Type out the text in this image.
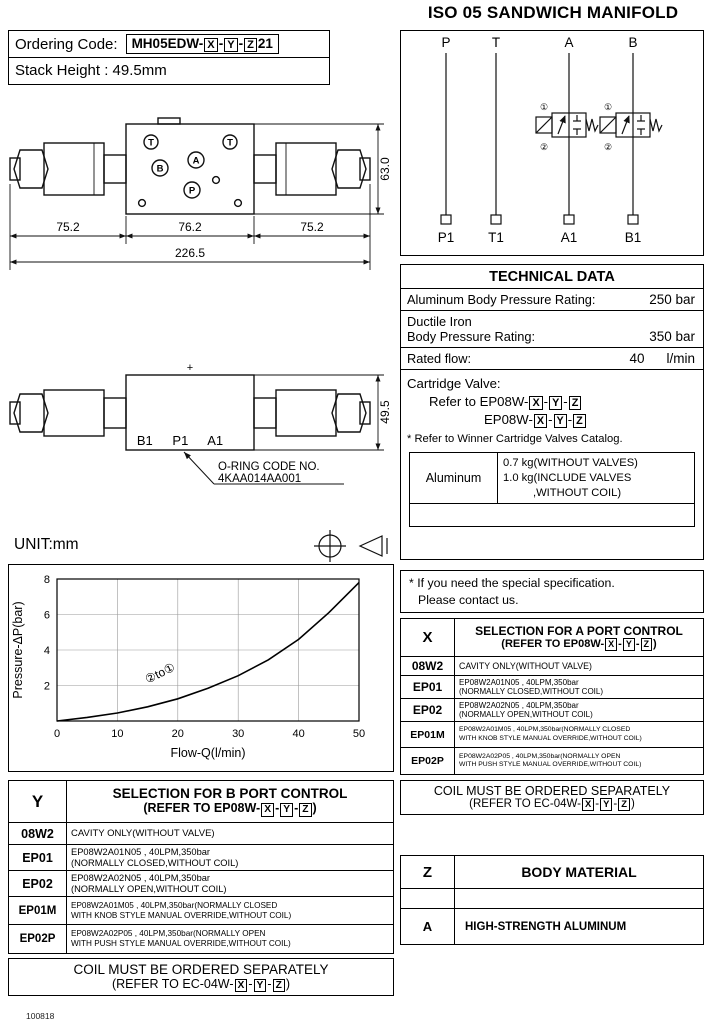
ISO 05 SANDWICH MANIFOLD
Ordering Code:	MH05EDW- X - Y - Z 21
Stack Height : 49.5mm
P	T	A	B
①
②
①
②
P1	T1	A1	B1
T	T
B
A
P
75.2	76.2	75.2
226.5
63.0
+
B1 P1 A1
49.5
O-RING CODE NO.
4KAA014AA001
UNIT:mm
0	10	20	30	40	50
2
4
6
8
②to①
Flow-Q(l/min)
Pressure-ΔP(bar)
TECHNICAL DATA
Aluminum Body Pressure Rating:	250 bar
Ductile Iron
Body Pressure Rating:	350 bar
Rated flow:	40 l/min
Cartridge Valve:
Refer to EP08W- X - Y - Z
EP08W- X - Y - Z
* Refer to Winner Cartridge Valves Catalog.
Aluminum
0.7 kg(WITHOUT VALVES)
1.0 kg(INCLUDE VALVES
,WITHOUT COIL)
* If you need the special specification.
Please contact us.
X	SELECTION FOR A PORT CONTROL
(REFER TO EP08W- X - Y - Z )
08W2	CAVITY ONLY(WITHOUT VALVE)
EP01	EP08W2A01N05 , 40LPM,350bar
(NORMALLY CLOSED,WITHOUT COIL)
EP02	EP08W2A02N05 , 40LPM,350bar
(NORMALLY OPEN,WITHOUT COIL)
EP01M	EP08W2A01M05 , 40LPM,350bar(NORMALLY CLOSED
WITH KNOB STYLE MANUAL OVERRIDE,WITHOUT COIL)
EP02P	EP08W2A02P05 , 40LPM,350bar(NORMALLY OPEN
WITH PUSH STYLE MANUAL OVERRIDE,WITHOUT COIL)
COIL MUST BE ORDERED SEPARATELY
(REFER TO EC-04W- X - Y - Z )
Y	SELECTION FOR B PORT CONTROL
(REFER TO EP08W- X - Y - Z )
08W2	CAVITY ONLY(WITHOUT VALVE)
EP01	EP08W2A01N05 , 40LPM,350bar
(NORMALLY CLOSED,WITHOUT COIL)
EP02	EP08W2A02N05 , 40LPM,350bar
(NORMALLY OPEN,WITHOUT COIL)
EP01M	EP08W2A01M05 , 40LPM,350bar(NORMALLY CLOSED
WITH KNOB STYLE MANUAL OVERRIDE,WITHOUT COIL)
EP02P	EP08W2A02P05 , 40LPM,350bar(NORMALLY OPEN
WITH PUSH STYLE MANUAL OVERRIDE,WITHOUT COIL)
COIL MUST BE ORDERED SEPARATELY
(REFER TO EC-04W- X - Y - Z )
Z	BODY MATERIAL
A	HIGH-STRENGTH ALUMINUM
100818
